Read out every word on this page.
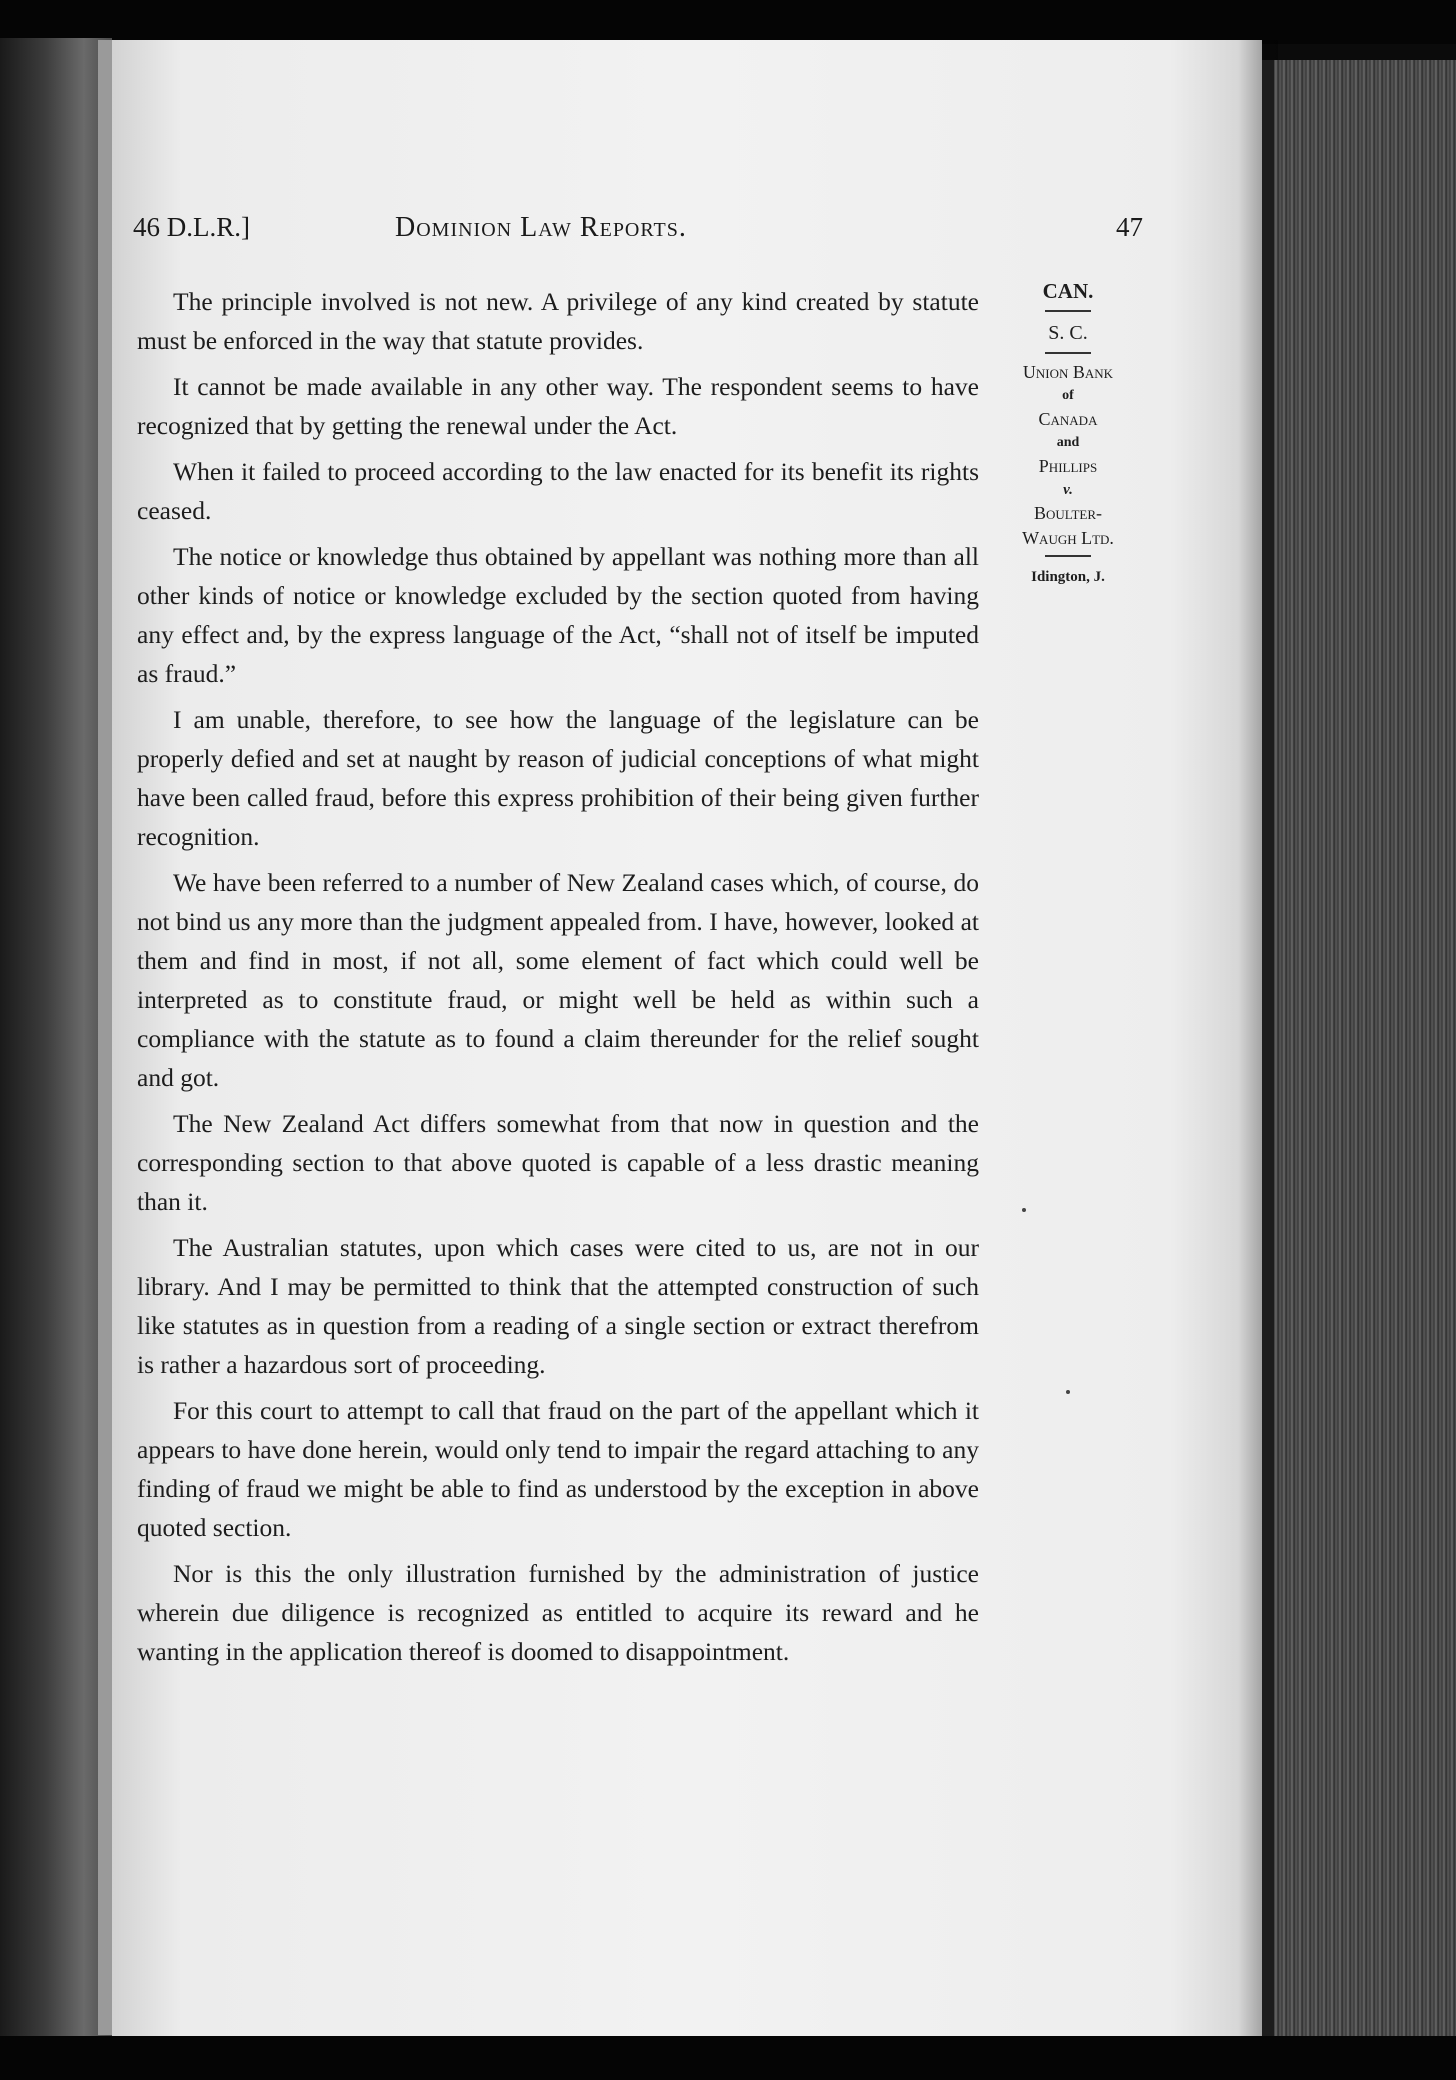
46 D.L.R.]	Dominion Law Reports.	47

The principle involved is not new. A privilege of any kind created by statute must be enforced in the way that statute provides.

It cannot be made available in any other way. The respondent seems to have recognized that by getting the renewal under the Act.

When it failed to proceed according to the law enacted for its benefit its rights ceased.

The notice or knowledge thus obtained by appellant was nothing more than all other kinds of notice or knowledge excluded by the section quoted from having any effect and, by the express language of the Act, “shall not of itself be imputed as fraud.”

I am unable, therefore, to see how the language of the legislature can be properly defied and set at naught by reason of judicial conceptions of what might have been called fraud, before this express prohibition of their being given further recognition.

We have been referred to a number of New Zealand cases which, of course, do not bind us any more than the judgment appealed from. I have, however, looked at them and find in most, if not all, some element of fact which could well be interpreted as to constitute fraud, or might well be held as within such a compliance with the statute as to found a claim thereunder for the relief sought and got.

The New Zealand Act differs somewhat from that now in question and the corresponding section to that above quoted is capable of a less drastic meaning than it.

The Australian statutes, upon which cases were cited to us, are not in our library. And I may be permitted to think that the attempted construction of such like statutes as in question from a reading of a single section or extract therefrom is rather a hazardous sort of proceeding.

For this court to attempt to call that fraud on the part of the appellant which it appears to have done herein, would only tend to impair the regard attaching to any finding of fraud we might be able to find as understood by the exception in above quoted section.

Nor is this the only illustration furnished by the administration of justice wherein due diligence is recognized as entitled to acquire its reward and he wanting in the application thereof is doomed to disappointment.

CAN.
S. C.
Union Bank
of
Canada
and
Phillips
v.
Boulter-
Waugh Ltd.
Idington, J.
